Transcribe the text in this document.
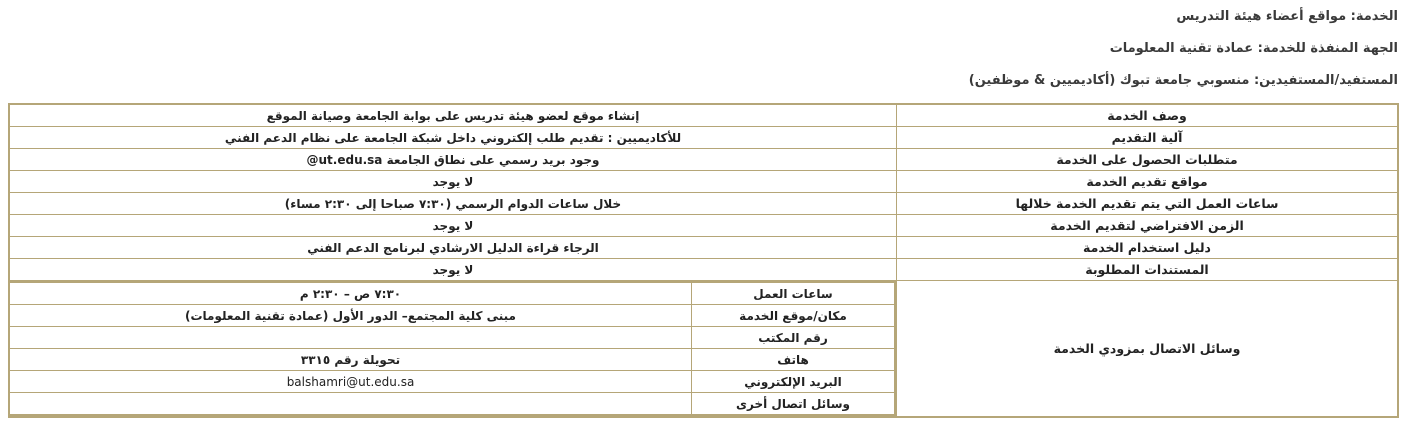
الخدمة: مواقع أعضاء هيئة التدريس
الجهة المنفذة للخدمة: عمادة تقنية المعلومات
المستفيد/المستفيدين: منسوبي جامعة تبوك (أكاديميين & موظفين)
وصف الخدمة	إنشاء موقع لعضو هيئة تدريس على بوابة الجامعة وصيانة الموقع
آلية التقديم	للأكاديميين : تقديم طلب إلكتروني داخل شبكة الجامعة على نظام الدعم الفني
متطلبات الحصول على الخدمة	وجود بريد رسمي على نطاق الجامعة ut.edu.sa@
مواقع تقديم الخدمة	لا يوجد
ساعات العمل التي يتم تقديم الخدمة خلالها	خلال ساعات الدوام الرسمي (٧:٣٠ صباحا إلى ٢:٣٠ مساء)
الزمن الافتراضي لتقديم الخدمة	لا يوجد
دليل استخدام الخدمة	الرجاء قراءة الدليل الارشادي لبرنامج الدعم الفني
المستندات المطلوبة	لا يوجد
وسائل الاتصال بمزودي الخدمة	
ساعات العمل	٧:٣٠ ص – ٢:٣٠ م
مكان/موقع الخدمة	مبنى كلية المجتمع– الدور الأول (عمادة تقنية المعلومات)
رقم المكتب	
هاتف	تحويلة رقم ٣٣١٥
البريد الإلكتروني	balshamri@ut.edu.sa
وسائل اتصال أخرى	
